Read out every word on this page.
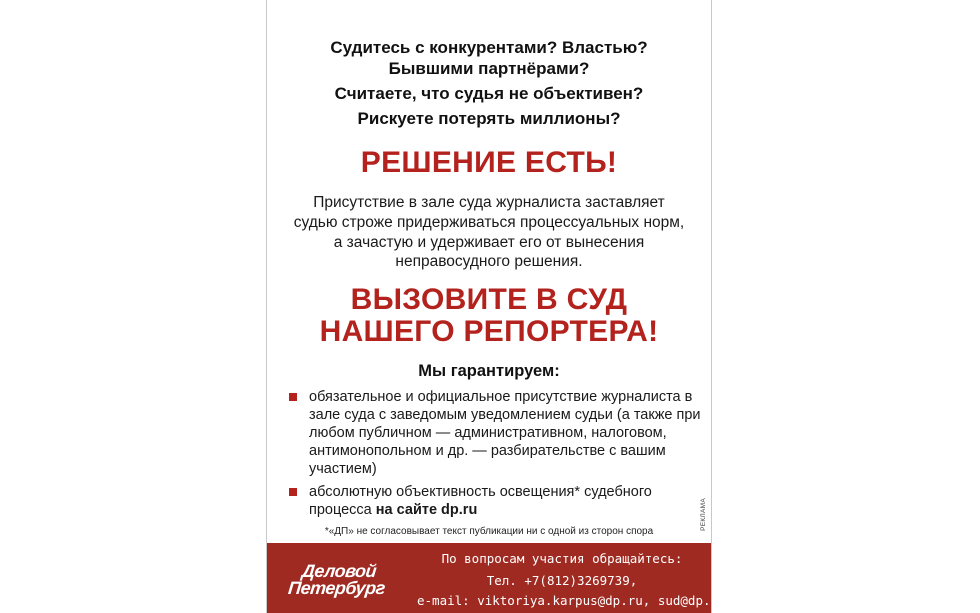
Судитесь с конкурентами? Властью?
Бывшими партнёрами?
Считаете, что судья не объективен?
Рискуете потерять миллионы?
РЕШЕНИЕ ЕСТЬ!
Присутствие в зале суда журналиста заставляет
судью строже придерживаться процессуальных норм,
а зачастую и удерживает его от вынесения
неправосудного решения.
ВЫЗОВИТЕ В СУД
НАШЕГО РЕПОРТЕРА!
Мы гарантируем:
обязательное и официальное присутствие журналиста в зале суда с заведомым уведомлением судьи (а также при любом публичном — административном, налоговом, антимонопольном и др. — разбирательстве с вашим участием)
абсолютную объективность освещения* судебного процесса на сайте dp.ru
*«ДП» не согласовывает текст публикации ни с одной из сторон спора
РЕКЛАМА
Деловой
Петербург
По вопросам участия обращайтесь:
Тел. +7(812)3269739,
e-mail: viktoriya.karpus@dp.ru, sud@dp.ru
